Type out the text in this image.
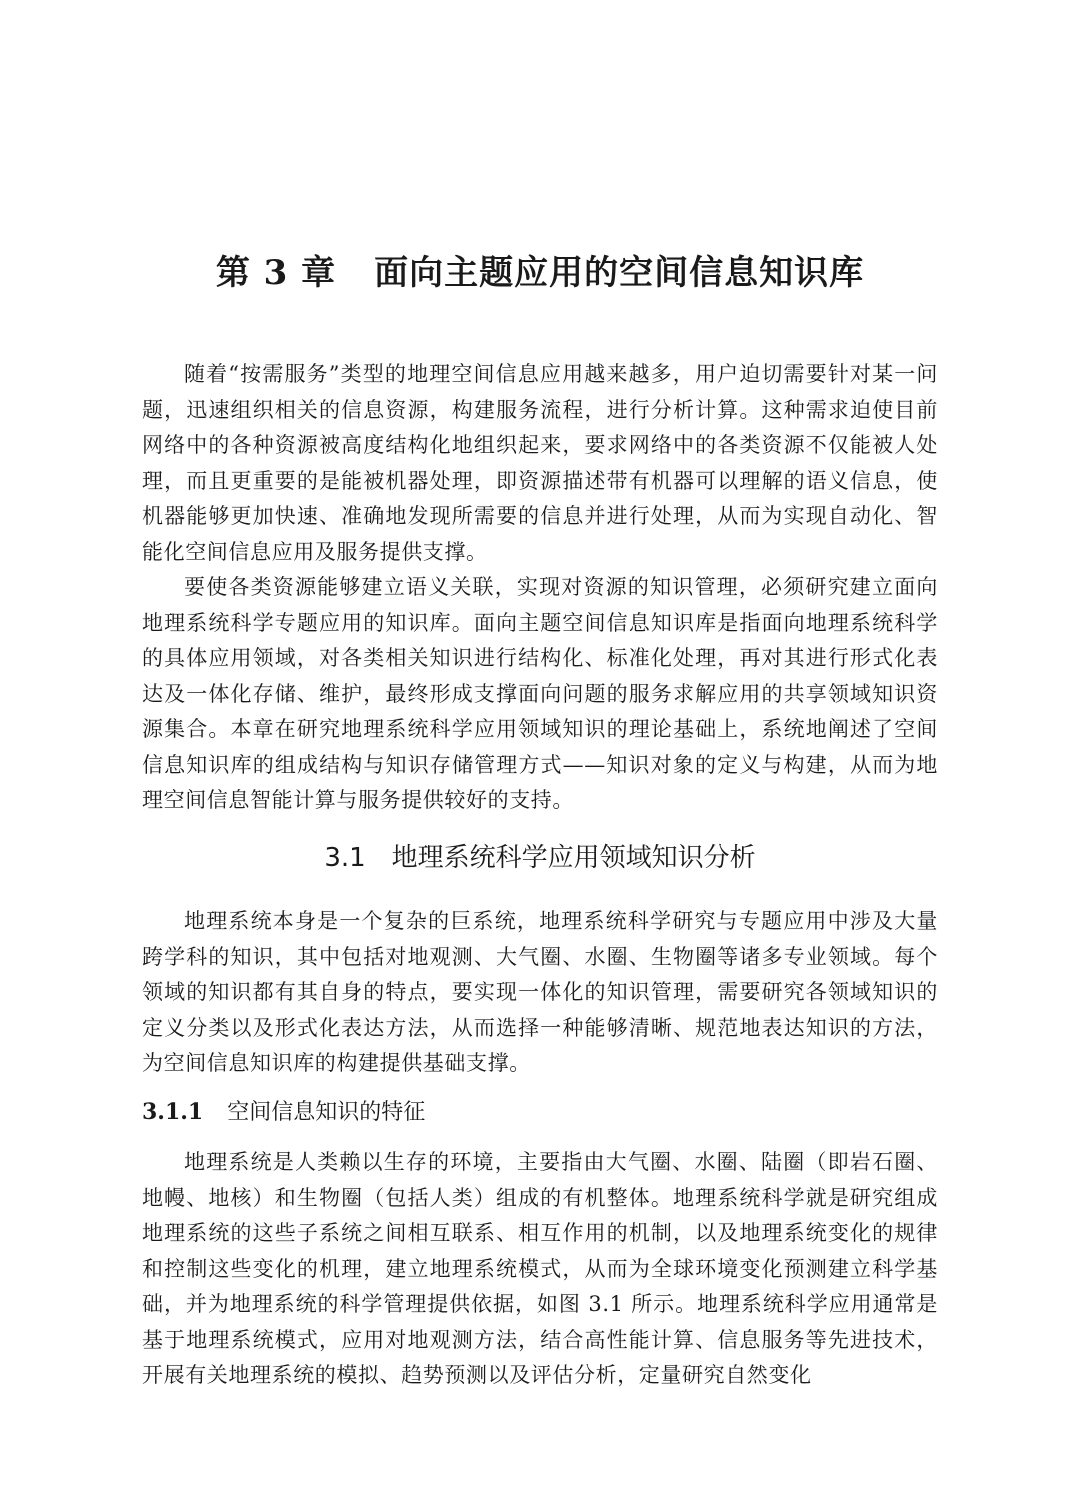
第 3 章 面向主题应用的空间信息知识库

随着“按需服务”类型的地理空间信息应用越来越多，用户迫切需要针对某一问题，迅速组织相关的信息资源，构建服务流程，进行分析计算。这种需求迫使目前网络中的各种资源被高度结构化地组织起来，要求网络中的各类资源不仅能被人处理，而且更重要的是能被机器处理，即资源描述带有机器可以理解的语义信息，使机器能够更加快速、准确地发现所需要的信息并进行处理，从而为实现自动化、智能化空间信息应用及服务提供支撑。

要使各类资源能够建立语义关联，实现对资源的知识管理，必须研究建立面向地理系统科学专题应用的知识库。面向主题空间信息知识库是指面向地理系统科学的具体应用领域，对各类相关知识进行结构化、标准化处理，再对其进行形式化表达及一体化存储、维护，最终形成支撑面向问题的服务求解应用的共享领域知识资源集合。本章在研究地理系统科学应用领域知识的理论基础上，系统地阐述了空间信息知识库的组成结构与知识存储管理方式——知识对象的定义与构建，从而为地理空间信息智能计算与服务提供较好的支持。

3.1 地理系统科学应用领域知识分析

地理系统本身是一个复杂的巨系统，地理系统科学研究与专题应用中涉及大量跨学科的知识，其中包括对地观测、大气圈、水圈、生物圈等诸多专业领域。每个领域的知识都有其自身的特点，要实现一体化的知识管理，需要研究各领域知识的定义分类以及形式化表达方法，从而选择一种能够清晰、规范地表达知识的方法，为空间信息知识库的构建提供基础支撑。

3.1.1 空间信息知识的特征

地理系统是人类赖以生存的环境，主要指由大气圈、水圈、陆圈（即岩石圈、地幔、地核）和生物圈（包括人类）组成的有机整体。地理系统科学就是研究组成地理系统的这些子系统之间相互联系、相互作用的机制，以及地理系统变化的规律和控制这些变化的机理，建立地理系统模式，从而为全球环境变化预测建立科学基础，并为地理系统的科学管理提供依据，如图 3.1 所示。地理系统科学应用通常是基于地理系统模式，应用对地观测方法，结合高性能计算、信息服务等先进技术，开展有关地理系统的模拟、趋势预测以及评估分析，定量研究自然变化
